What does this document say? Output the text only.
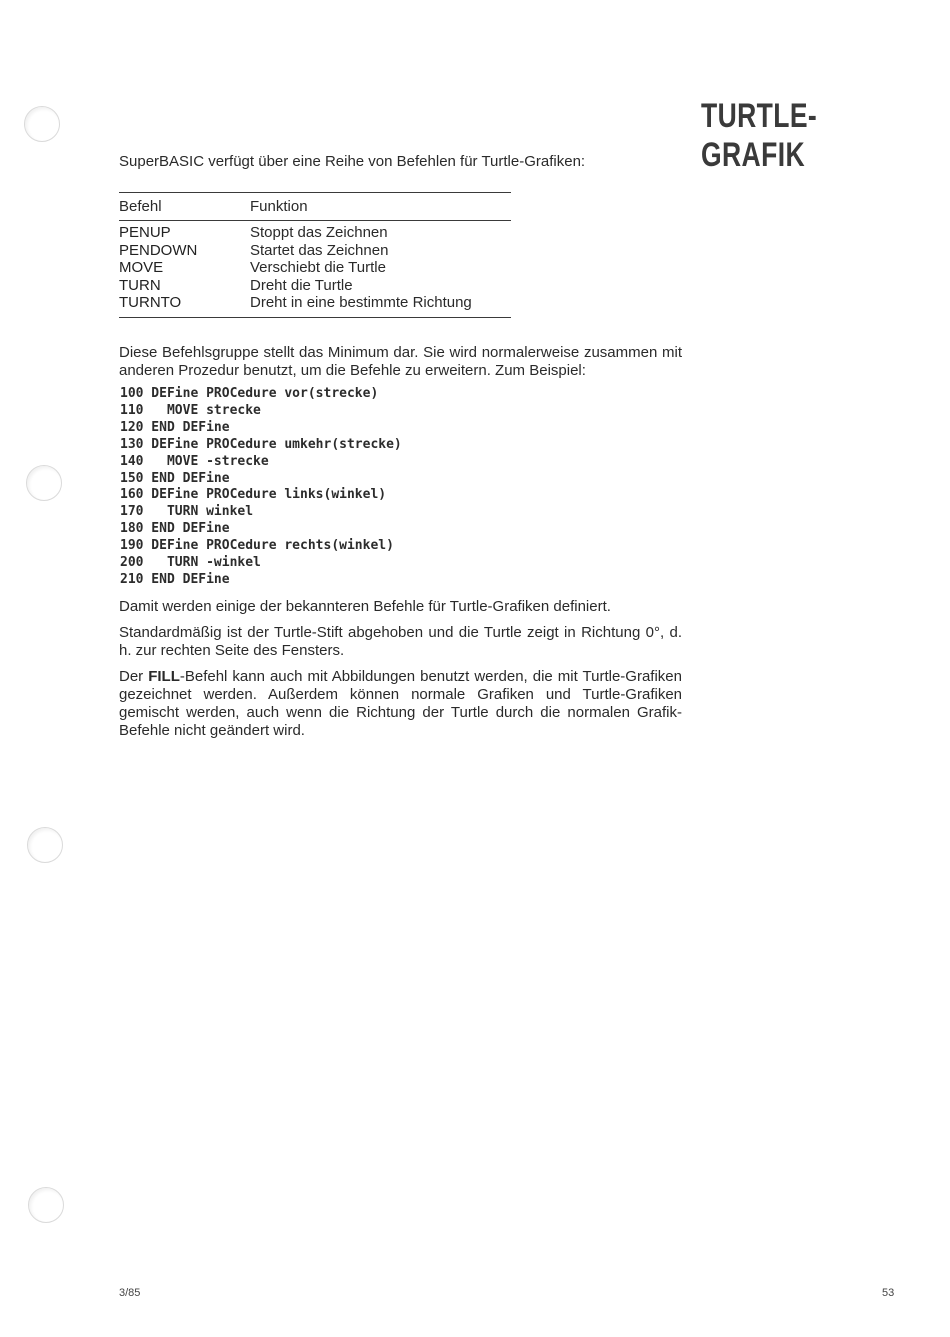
TURTLE-
GRAFIK

SuperBASIC verfügt über eine Reihe von Befehlen für Turtle-Grafiken:

Befehl	Funktion
PENUP	Stoppt das Zeichnen
PENDOWN	Startet das Zeichnen
MOVE	Verschiebt die Turtle
TURN	Dreht die Turtle
TURNTO	Dreht in eine bestimmte Richtung

Diese Befehlsgruppe stellt das Minimum dar. Sie wird normalerweise zusammen mit anderen Prozedur benutzt, um die Befehle zu erweitern. Zum Beispiel:

100 DEFine PROCedure vor(strecke)
110   MOVE strecke
120 END DEFine
130 DEFine PROCedure umkehr(strecke)
140   MOVE -strecke
150 END DEFine
160 DEFine PROCedure links(winkel)
170   TURN winkel
180 END DEFine
190 DEFine PROCedure rechts(winkel)
200   TURN -winkel
210 END DEFine

Damit werden einige der bekannteren Befehle für Turtle-Grafiken definiert.

Standardmäßig ist der Turtle-Stift abgehoben und die Turtle zeigt in Richtung 0°, d. h. zur rechten Seite des Fensters.

Der FILL-Befehl kann auch mit Abbildungen benutzt werden, die mit Turtle-Grafiken gezeichnet werden. Außerdem können normale Grafiken und Turtle-Grafiken gemischt werden, auch wenn die Richtung der Turtle durch die normalen Grafik-Befehle nicht geändert wird.

3/85	53
